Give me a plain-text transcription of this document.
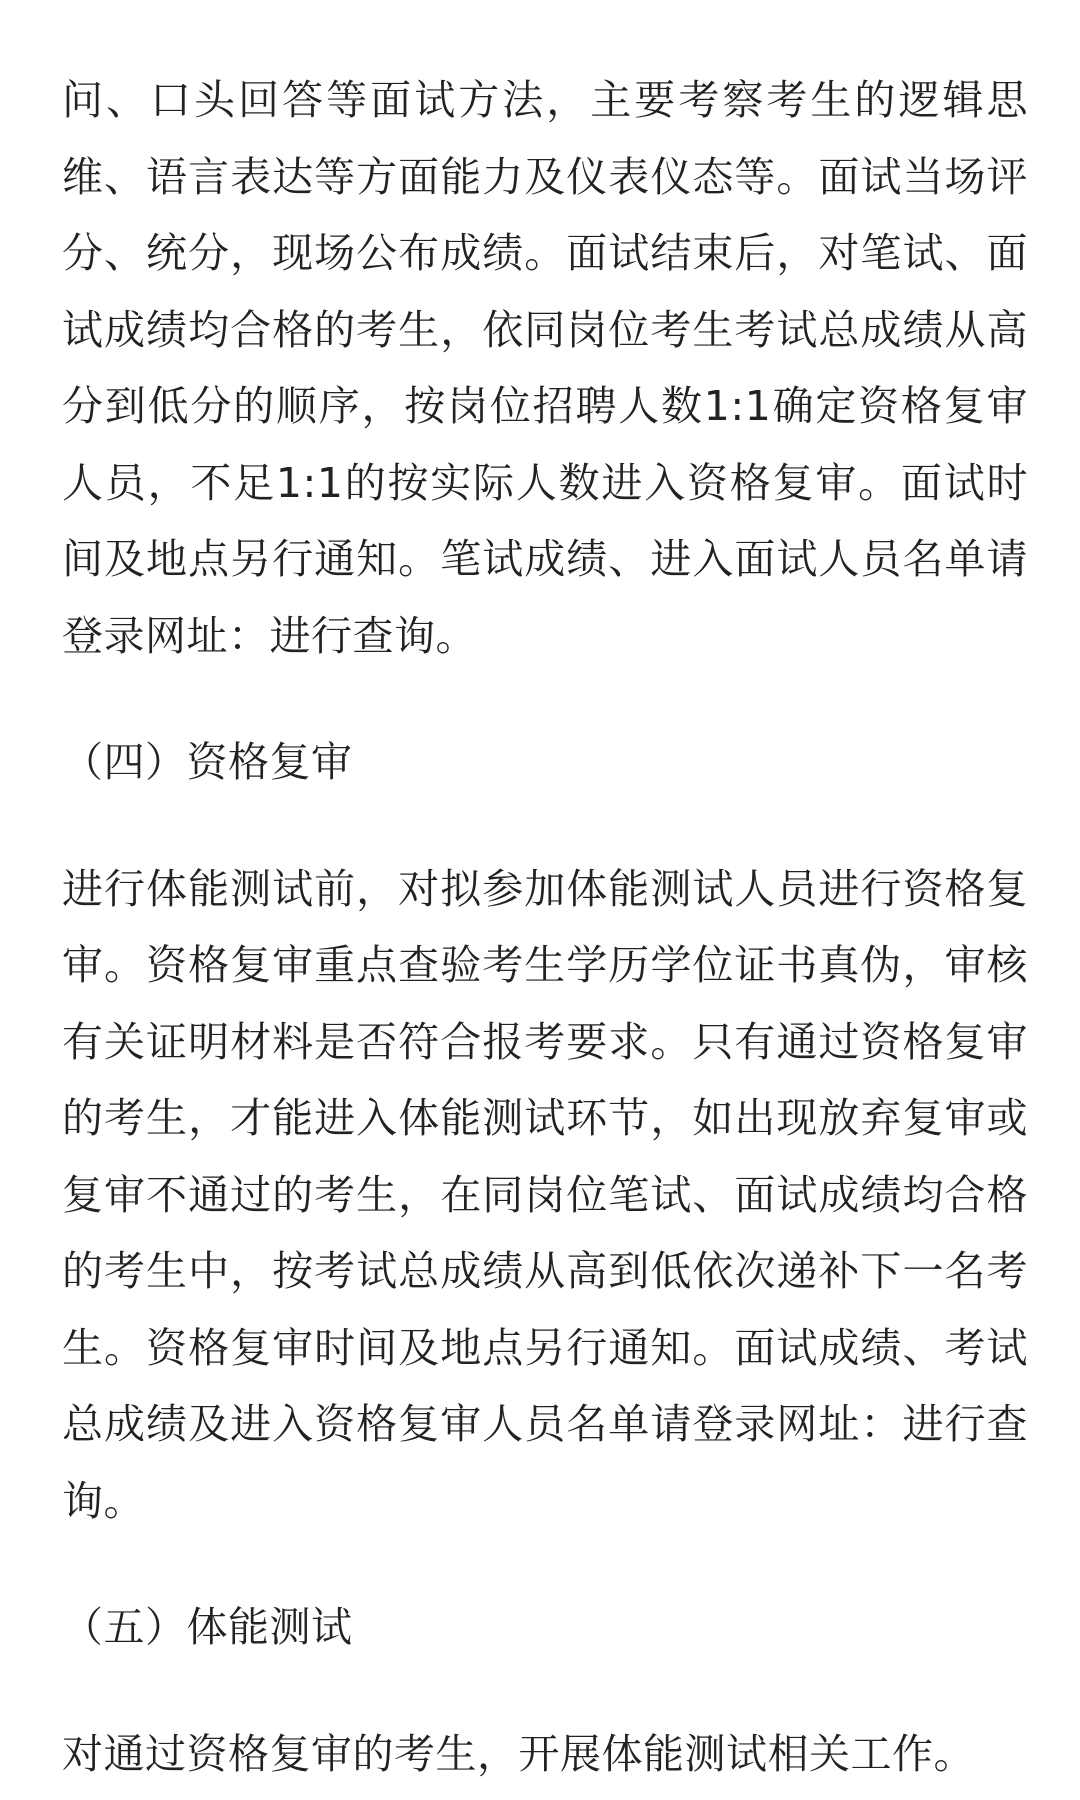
问、口头回答等面试方法，主要考察考生的逻辑思维、语言表达等方面能力及仪表仪态等。面试当场评分、统分，现场公布成绩。面试结束后，对笔试、面试成绩均合格的考生，依同岗位考生考试总成绩从高分到低分的顺序，按岗位招聘人数1:1确定资格复审人员，不足1:1的按实际人数进入资格复审。面试时间及地点另行通知。笔试成绩、进入面试人员名单请登录网址：进行查询。

（四）资格复审

进行体能测试前，对拟参加体能测试人员进行资格复审。资格复审重点查验考生学历学位证书真伪，审核有关证明材料是否符合报考要求。只有通过资格复审的考生，才能进入体能测试环节，如出现放弃复审或复审不通过的考生，在同岗位笔试、面试成绩均合格的考生中，按考试总成绩从高到低依次递补下一名考生。资格复审时间及地点另行通知。面试成绩、考试总成绩及进入资格复审人员名单请登录网址：进行查询。

（五）体能测试

对通过资格复审的考生，开展体能测试相关工作。
